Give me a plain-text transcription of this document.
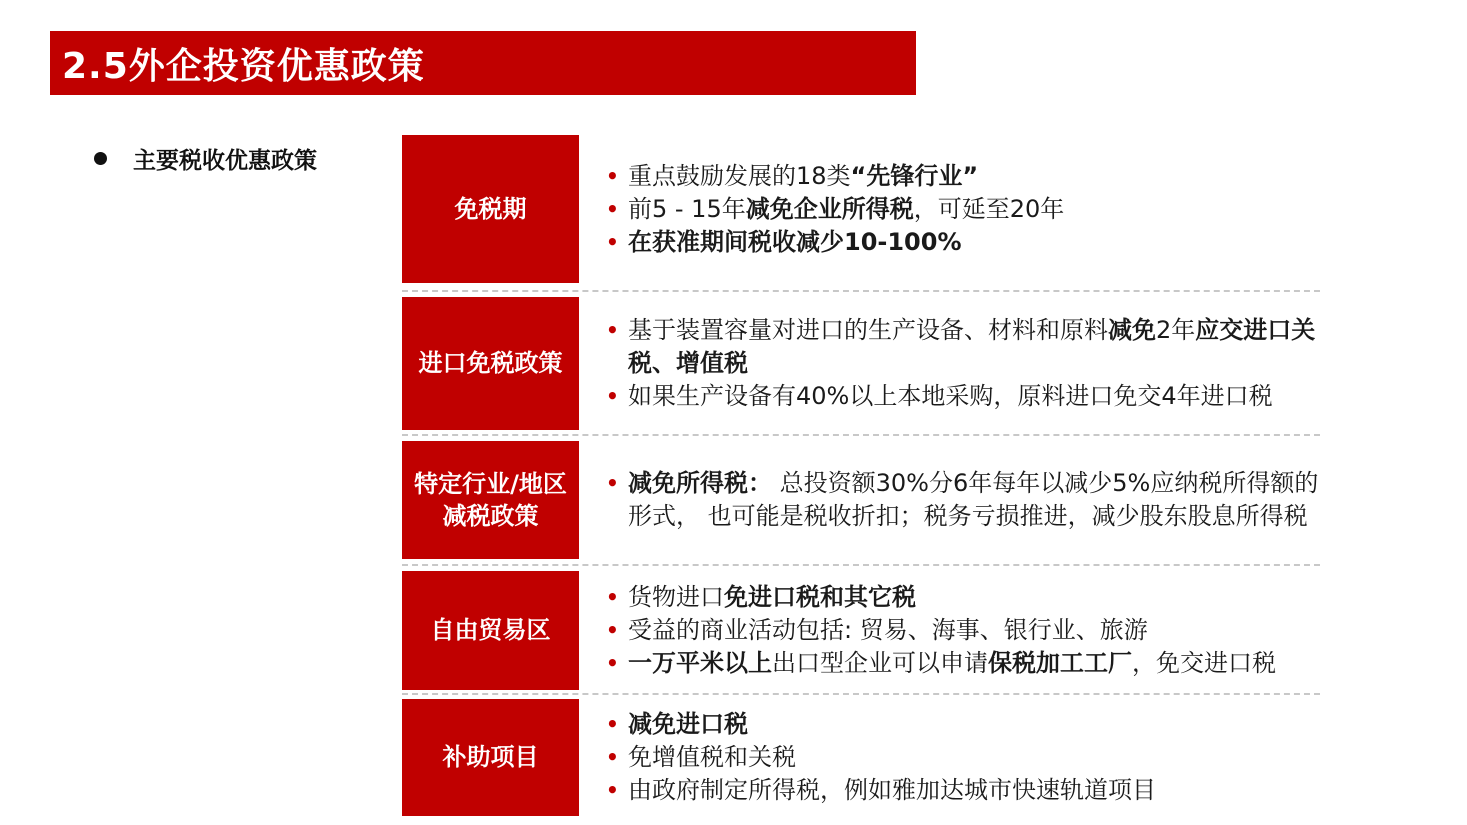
2.5外企投资优惠政策
主要税收优惠政策
免税期
• 重点鼓励发展的18类“先锋行业”
• 前5 - 15年减免企业所得税，可延至20年
• 在获准期间税收减少10-100%
进口免税政策
• 基于装置容量对进口的生产设备、材料和原料减免2年应交进口关税、增值税
• 如果生产设备有40%以上本地采购，原料进口免交4年进口税
特定行业/地区减税政策
• 减免所得税： 总投资额30%分6年每年以减少5%应纳税所得额的形式， 也可能是税收折扣；税务亏损推进，减少股东股息所得税
自由贸易区
• 货物进口免进口税和其它税
• 受益的商业活动包括: 贸易、海事、银行业、旅游
• 一万平米以上出口型企业可以申请保税加工工厂，免交进口税
补助项目
• 减免进口税
• 免增值税和关税
• 由政府制定所得税，例如雅加达城市快速轨道项目
